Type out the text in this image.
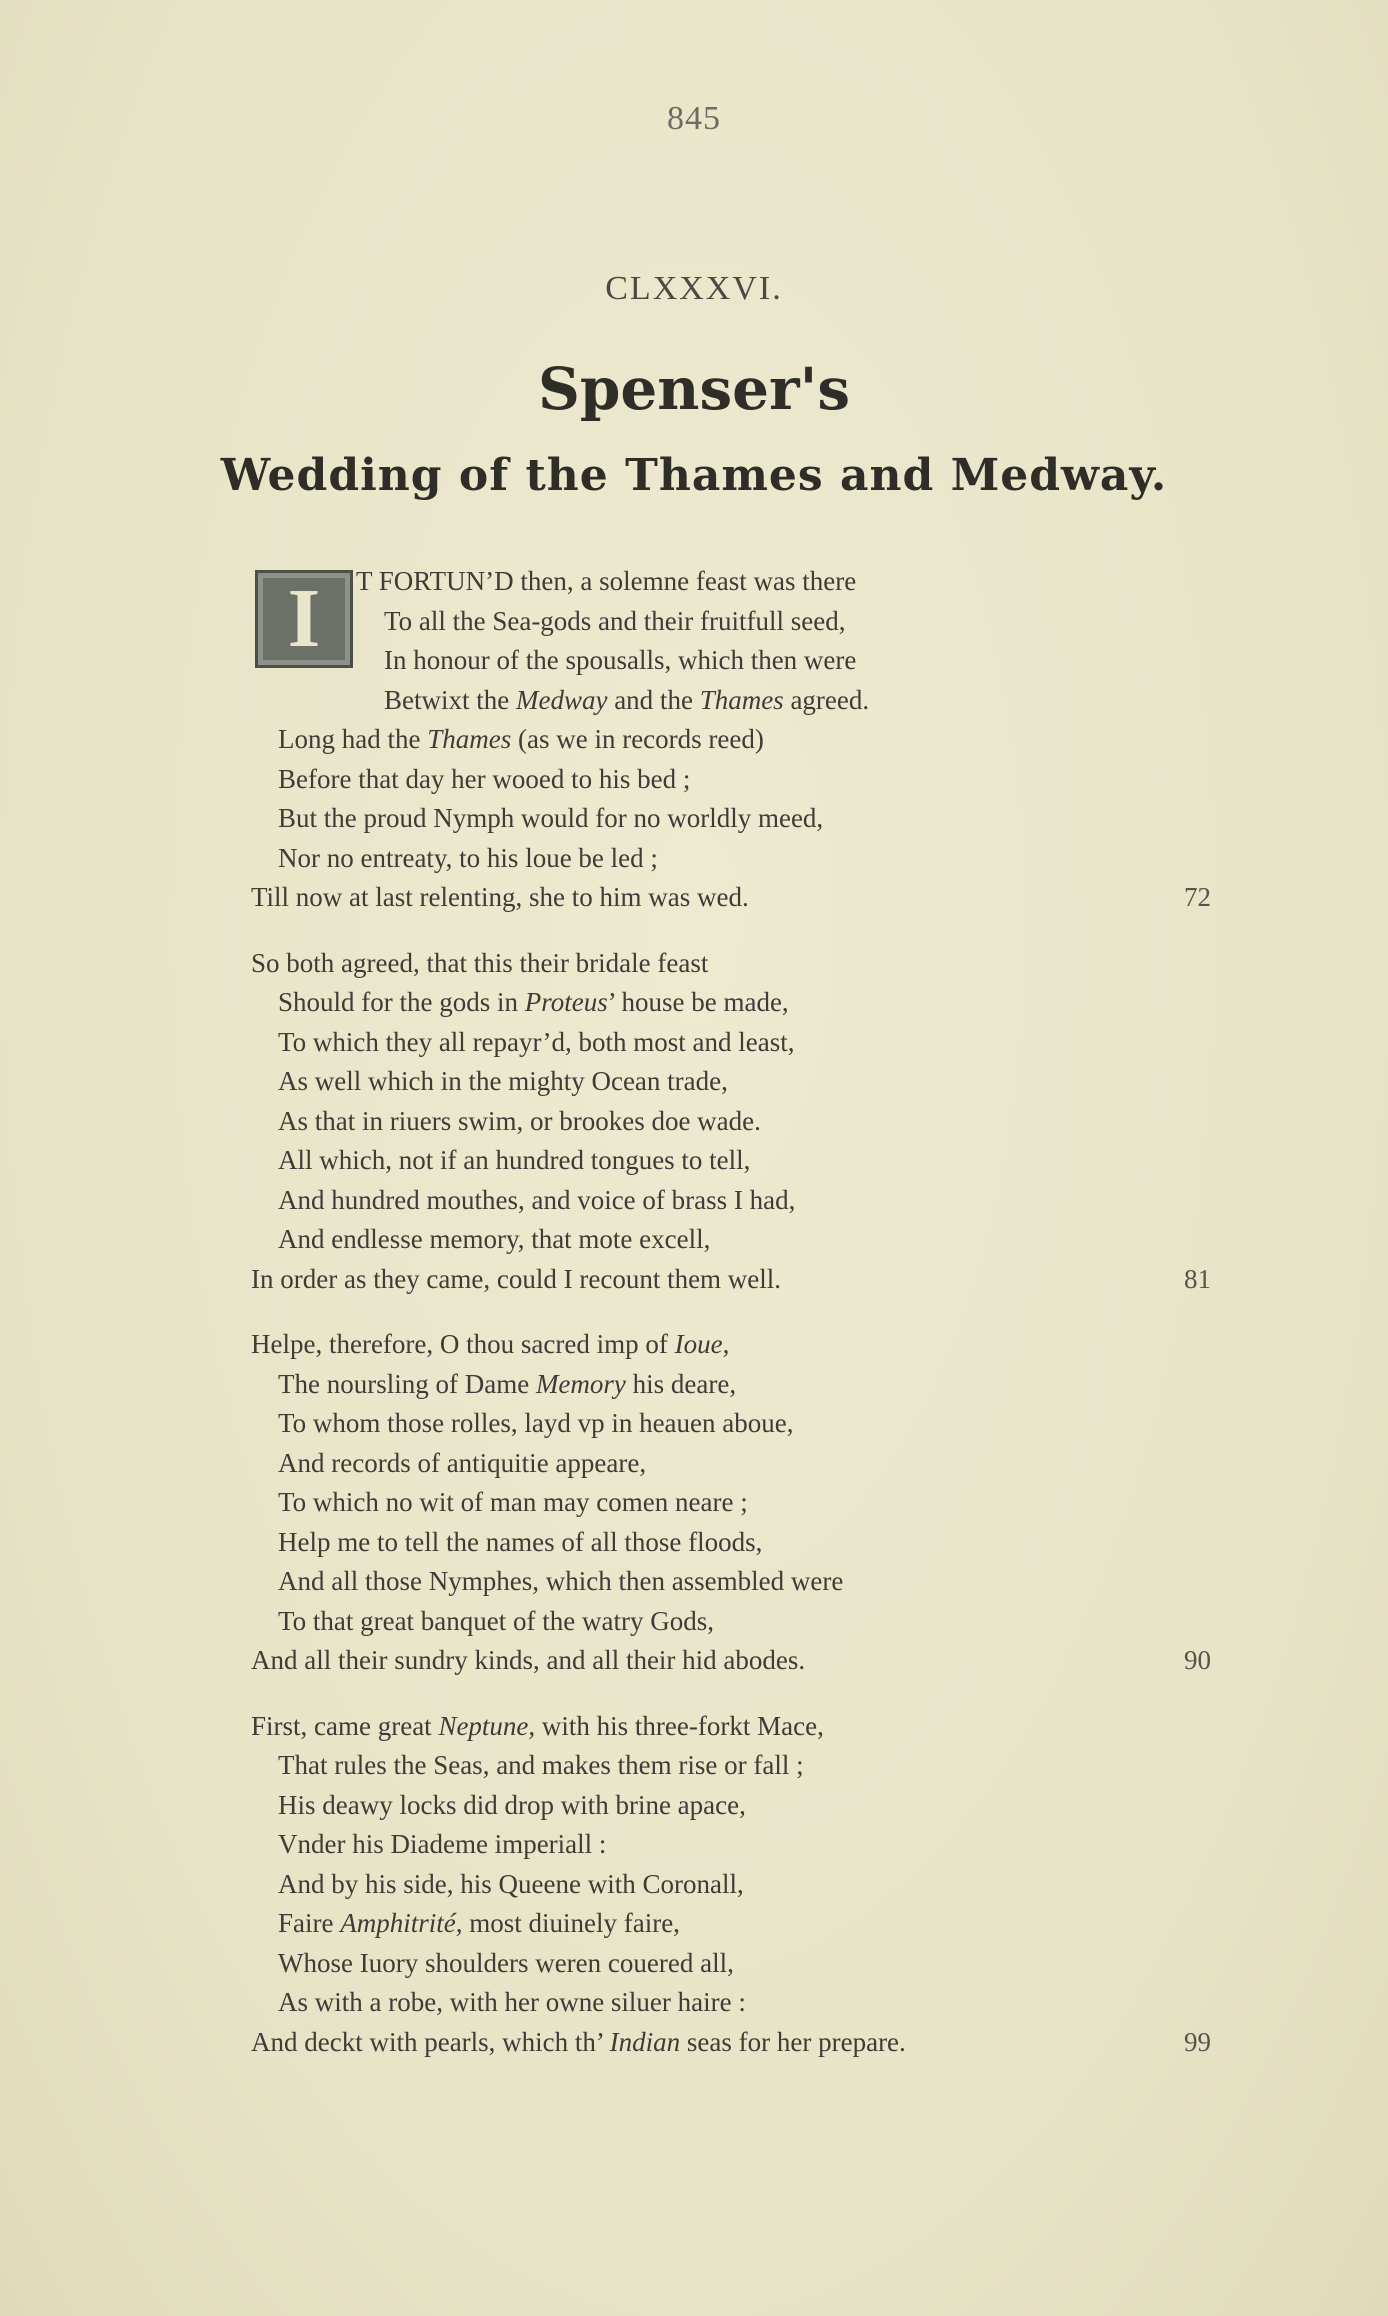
845
CLXXXVI.
Spenser's
Wedding of the Thames and Medway.
I	T FORTUN’D then, a solemne feast was there
To all the Sea-gods and their fruitfull seed,
In honour of the spousalls, which then were
Betwixt the Medway and the Thames agreed.
Long had the Thames (as we in records reed)
Before that day her wooed to his bed ;
But the proud Nymph would for no worldly meed,
Nor no entreaty, to his loue be led ;
Till now at last relenting, she to him was wed.	72
So both agreed, that this their bridale feast
Should for the gods in Proteus’ house be made,
To which they all repayr’d, both most and least,
As well which in the mighty Ocean trade,
As that in riuers swim, or brookes doe wade.
All which, not if an hundred tongues to tell,
And hundred mouthes, and voice of brass I had,
And endlesse memory, that mote excell,
In order as they came, could I recount them well.	81
Helpe, therefore, O thou sacred imp of Ioue,
The noursling of Dame Memory his deare,
To whom those rolles, layd vp in heauen aboue,
And records of antiquitie appeare,
To which no wit of man may comen neare ;
Help me to tell the names of all those floods,
And all those Nymphes, which then assembled were
To that great banquet of the watry Gods,
And all their sundry kinds, and all their hid abodes.	90
First, came great Neptune, with his three-forkt Mace,
That rules the Seas, and makes them rise or fall ;
His deawy locks did drop with brine apace,
Vnder his Diademe imperiall :
And by his side, his Queene with Coronall,
Faire Amphitrité, most diuinely faire,
Whose Iuory shoulders weren couered all,
As with a robe, with her owne siluer haire :
And deckt with pearls, which th’ Indian seas for her prepare.	99
